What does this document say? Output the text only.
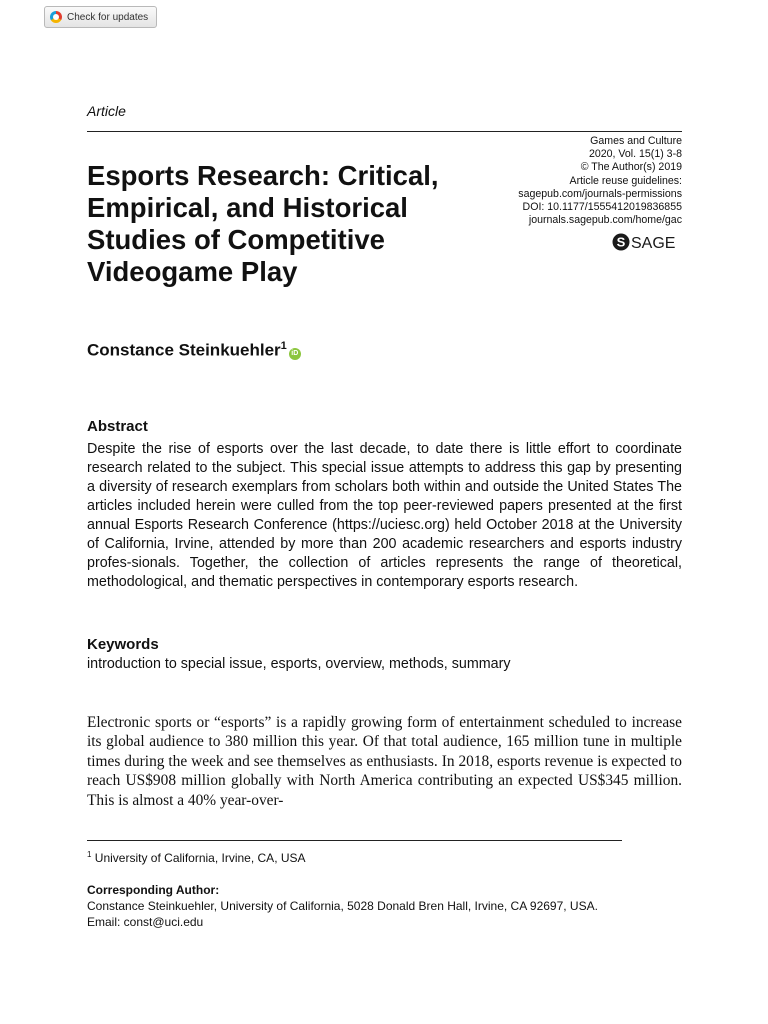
Check for updates
Article
Games and Culture
2020, Vol. 15(1) 3-8
© The Author(s) 2019
Article reuse guidelines:
sagepub.com/journals-permissions
DOI: 10.1177/1555412019836855
journals.sagepub.com/home/gac
S SAGE
Esports Research: Critical, Empirical, and Historical Studies of Competitive Videogame Play
Constance Steinkuehler$^1$iD
Abstract

Despite the rise of esports over the last decade, to date there is little effort to coordinate research related to the subject. This special issue attempts to address this gap by presenting a diversity of research exemplars from scholars both within and outside the United States The articles included herein were culled from the top peer-reviewed papers presented at the first annual Esports Research Conference (https://uciesc.org) held October 2018 at the University of California, Irvine, attended by more than 200 academic researchers and esports industry profes-sionals. Together, the collection of articles represents the range of theoretical, methodological, and thematic perspectives in contemporary esports research.

Keywords
introduction to special issue, esports, overview, methods, summary

Electronic sports or “esports” is a rapidly growing form of entertainment scheduled to increase its global audience to 380 million this year. Of that total audience, 165 million tune in multiple times during the week and see themselves as enthusiasts. In 2018, esports revenue is expected to reach US$908 million globally with North America contributing an expected US$345 million. This is almost a 40% year-over-

$^1$ University of California, Irvine, CA, USA
Corresponding Author:
Constance Steinkuehler, University of California, 5028 Donald Bren Hall, Irvine, CA 92697, USA.
Email: const@uci.edu
